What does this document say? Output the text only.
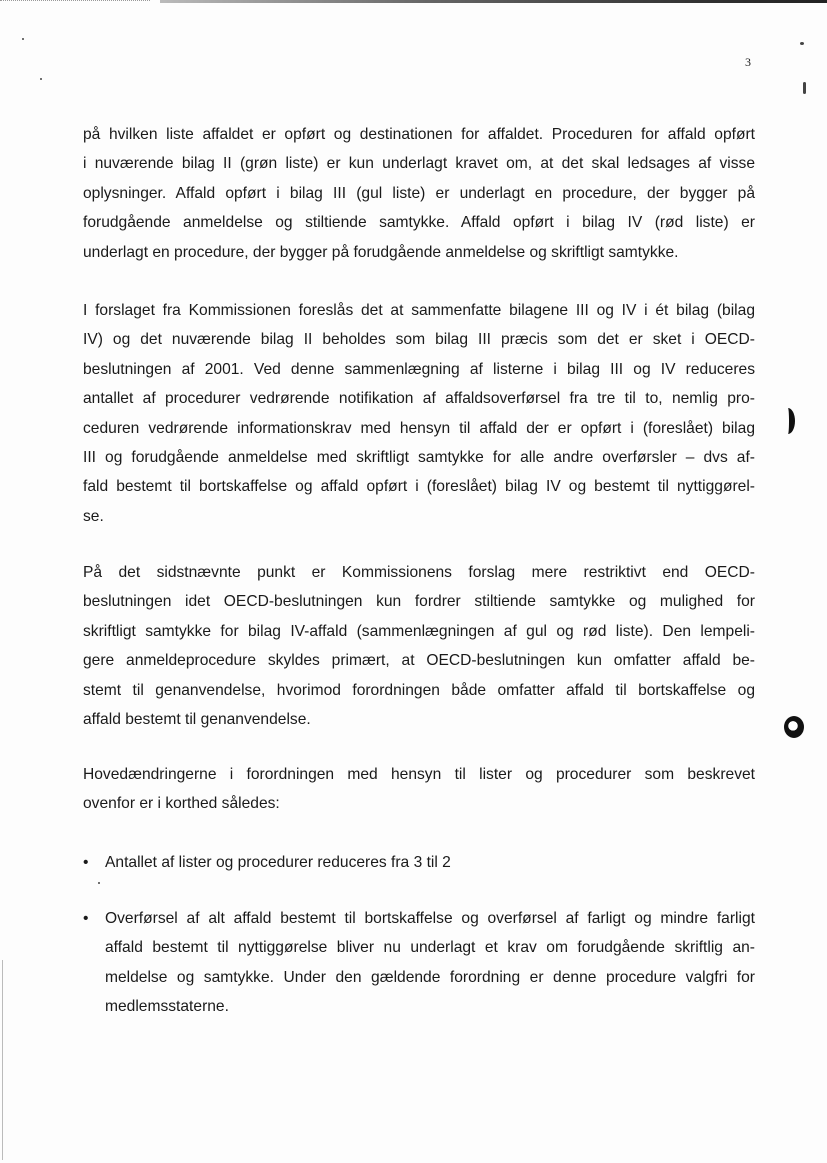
3
på hvilken liste affaldet er opført og destinationen for affaldet. Proceduren for affald opført
i nuværende bilag II (grøn liste) er kun underlagt kravet om, at det skal ledsages af visse
oplysninger. Affald opført i bilag III (gul liste) er underlagt en procedure, der bygger på
forudgående anmeldelse og stiltiende samtykke. Affald opført i bilag IV (rød liste) er
underlagt en procedure, der bygger på forudgående anmeldelse og skriftligt samtykke.
I forslaget fra Kommissionen foreslås det at sammenfatte bilagene III og IV i ét bilag (bilag
IV) og det nuværende bilag II beholdes som bilag III præcis som det er sket i OECD-
beslutningen af 2001. Ved denne sammenlægning af listerne i bilag III og IV reduceres
antallet af procedurer vedrørende notifikation af affaldsoverførsel fra tre til to, nemlig pro-
ceduren vedrørende informationskrav med hensyn til affald der er opført i (foreslået) bilag
III og forudgående anmeldelse med skriftligt samtykke for alle andre overførsler – dvs af-
fald bestemt til bortskaffelse og affald opført i (foreslået) bilag IV og bestemt til nyttiggørel-
se.
På det sidstnævnte punkt er Kommissionens forslag mere restriktivt end OECD-
beslutningen idet OECD-beslutningen kun fordrer stiltiende samtykke og mulighed for
skriftligt samtykke for bilag IV-affald (sammenlægningen af gul og rød liste). Den lempeli-
gere anmeldeprocedure skyldes primært, at OECD-beslutningen kun omfatter affald be-
stemt til genanvendelse, hvorimod forordningen både omfatter affald til bortskaffelse og
affald bestemt til genanvendelse.
Hovedændringerne i forordningen med hensyn til lister og procedurer som beskrevet
ovenfor er i korthed således:
•	Antallet af lister og procedurer reduceres fra 3 til 2
•	Overførsel af alt affald bestemt til bortskaffelse og overførsel af farligt og mindre farligt
affald bestemt til nyttiggørelse bliver nu underlagt et krav om forudgående skriftlig an-
meldelse og samtykke. Under den gældende forordning er denne procedure valgfri for
medlemsstaterne.
